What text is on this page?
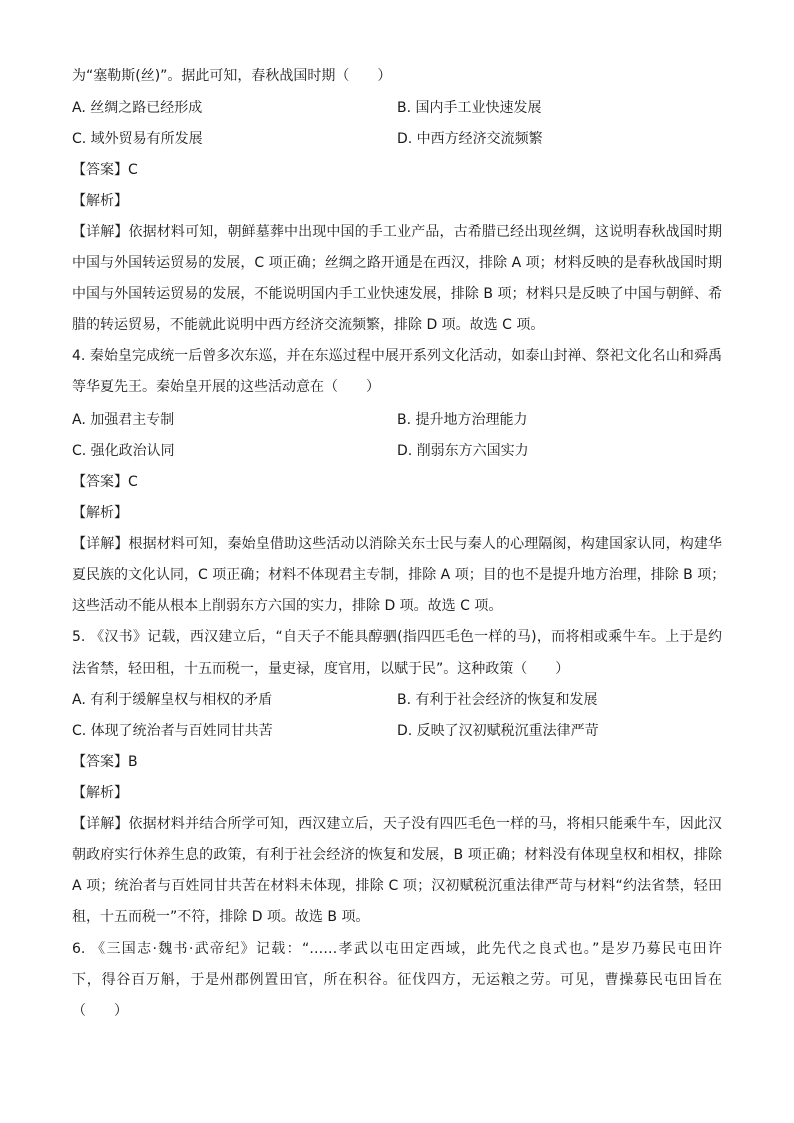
为“塞勒斯(丝)”。据此可知，春秋战国时期（　　）
A. 丝绸之路已经形成	B. 国内手工业快速发展
C. 域外贸易有所发展	D. 中西方经济交流频繁
【答案】C
【解析】
【详解】依据材料可知，朝鲜墓葬中出现中国的手工业产品，古希腊已经出现丝绸，这说明春秋战国时期
中国与外国转运贸易的发展，C 项正确；丝绸之路开通是在西汉，排除 A 项；材料反映的是春秋战国时期
中国与外国转运贸易的发展，不能说明国内手工业快速发展，排除 B 项；材料只是反映了中国与朝鲜、希
腊的转运贸易，不能就此说明中西方经济交流频繁，排除 D 项。故选 C 项。
4. 秦始皇完成统一后曾多次东巡，并在东巡过程中展开系列文化活动，如泰山封禅、祭祀文化名山和舜禹
等华夏先王。秦始皇开展的这些活动意在（　　）
A. 加强君主专制	B. 提升地方治理能力
C. 强化政治认同	D. 削弱东方六国实力
【答案】C
【解析】
【详解】根据材料可知，秦始皇借助这些活动以消除关东士民与秦人的心理隔阂，构建国家认同，构建华
夏民族的文化认同，C 项正确；材料不体现君主专制，排除 A 项；目的也不是提升地方治理，排除 B 项；
这些活动不能从根本上削弱东方六国的实力，排除 D 项。故选 C 项。
5. 《汉书》记载，西汉建立后，“自天子不能具醇驷(指四匹毛色一样的马)，而将相或乘牛车。上于是约
法省禁，轻田租，十五而税一，量吏禄，度官用，以赋于民”。这种政策（　　）
A. 有利于缓解皇权与相权的矛盾	B. 有利于社会经济的恢复和发展
C. 体现了统治者与百姓同甘共苦	D. 反映了汉初赋税沉重法律严苛
【答案】B
【解析】
【详解】依据材料并结合所学可知，西汉建立后，天子没有四匹毛色一样的马，将相只能乘牛车，因此汉
朝政府实行休养生息的政策，有利于社会经济的恢复和发展，B 项正确；材料没有体现皇权和相权，排除
A 项；统治者与百姓同甘共苦在材料未体现，排除 C 项；汉初赋税沉重法律严苛与材料“约法省禁，轻田
租，十五而税一”不符，排除 D 项。故选 B 项。
6. 《三国志·魏书·武帝纪》记载：“……孝武以屯田定西域，此先代之良式也。”是岁乃募民屯田许
下，得谷百万斛，于是州郡例置田官，所在积谷。征伐四方，无运粮之劳。可见，曹操募民屯田旨在
（　　）
